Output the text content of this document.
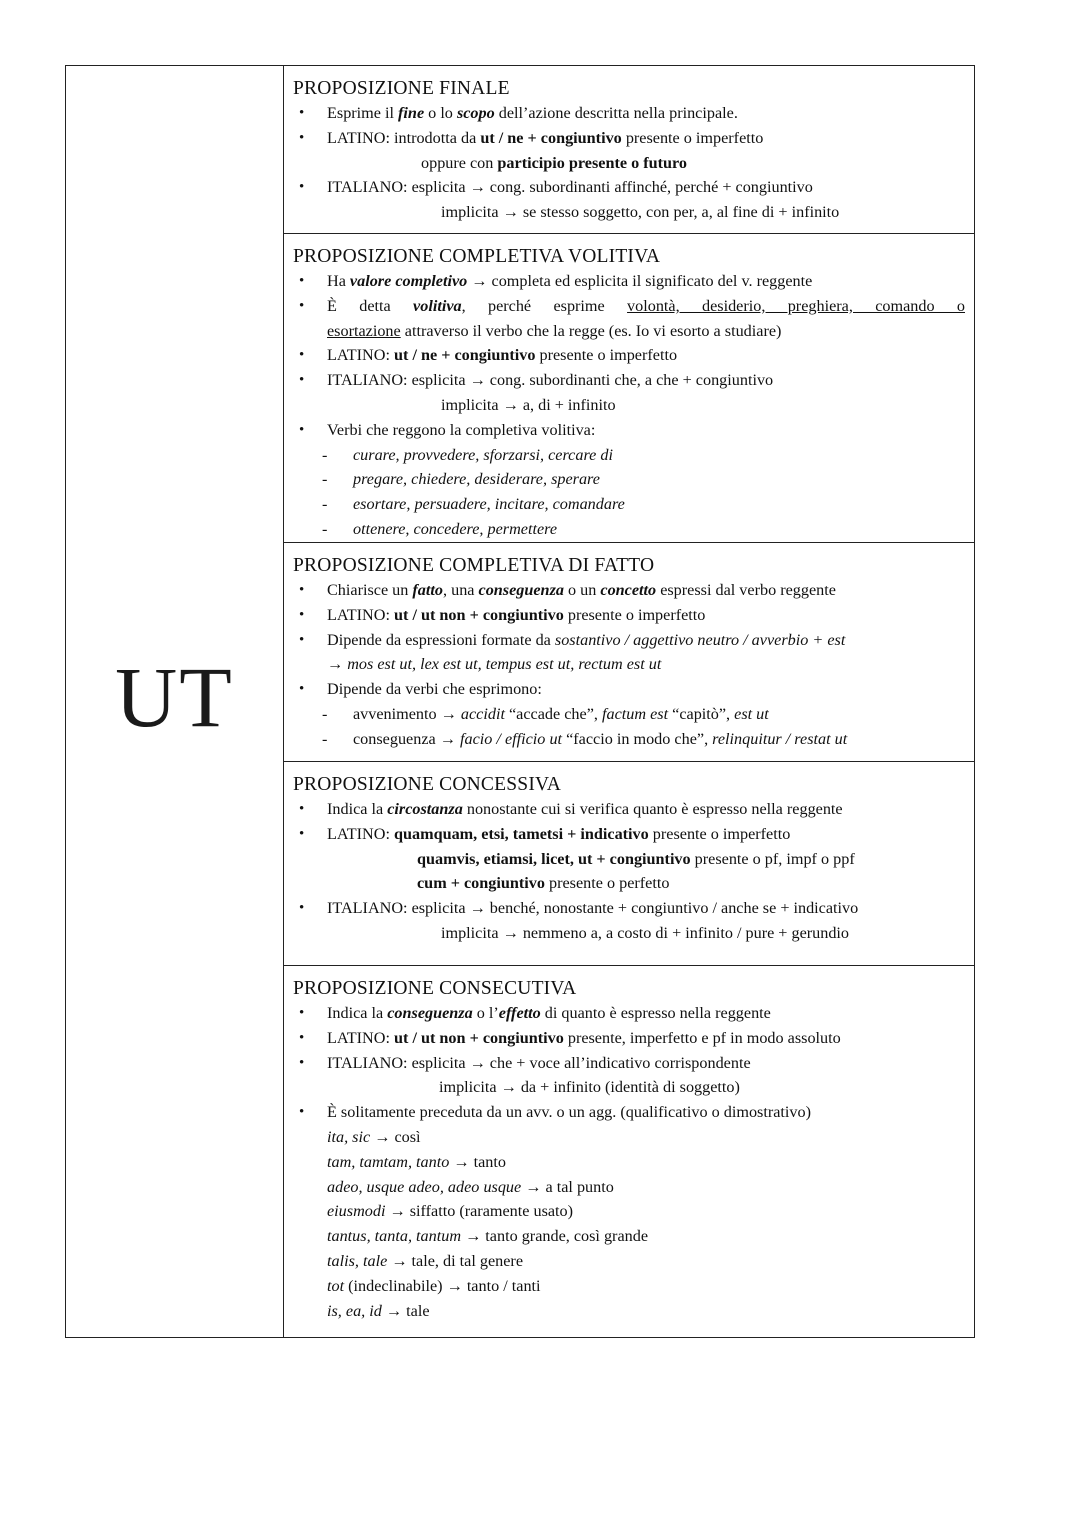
UT
PROPOSIZIONE FINALE
• Esprime il fine o lo scopo dell’azione descritta nella principale.
• LATINO: introdotta da ut / ne + congiuntivo presente o imperfetto
oppure con participio presente o futuro
• ITALIANO: esplicita → cong. subordinanti affinché, perché + congiuntivo
implicita → se stesso soggetto, con per, a, al fine di + infinito
PROPOSIZIONE COMPLETIVA VOLITIVA
• Ha valore completivo → completa ed esplicita il significato del v. reggente
• È detta volitiva, perché esprime volontà, desiderio, preghiera, comando o
esortazione attraverso il verbo che la regge (es. Io vi esorto a studiare)
• LATINO: ut / ne + congiuntivo presente o imperfetto
• ITALIANO: esplicita → cong. subordinanti che, a che + congiuntivo
implicita → a, di + infinito
• Verbi che reggono la completiva volitiva:
- curare, provvedere, sforzarsi, cercare di
- pregare, chiedere, desiderare, sperare
- esortare, persuadere, incitare, comandare
- ottenere, concedere, permettere
PROPOSIZIONE COMPLETIVA DI FATTO
• Chiarisce un fatto, una conseguenza o un concetto espressi dal verbo reggente
• LATINO: ut / ut non + congiuntivo presente o imperfetto
• Dipende da espressioni formate da sostantivo / aggettivo neutro / avverbio + est
→ mos est ut, lex est ut, tempus est ut, rectum est ut
• Dipende da verbi che esprimono:
- avvenimento → accidit “accade che”, factum est “capitò”, est ut
- conseguenza → facio / efficio ut “faccio in modo che”, relinquitur / restat ut
PROPOSIZIONE CONCESSIVA
• Indica la circostanza nonostante cui si verifica quanto è espresso nella reggente
• LATINO: quamquam, etsi, tametsi + indicativo presente o imperfetto
quamvis, etiamsi, licet, ut + congiuntivo presente o pf, impf o ppf
cum + congiuntivo presente o perfetto
• ITALIANO: esplicita → benché, nonostante + congiuntivo / anche se + indicativo
implicita → nemmeno a, a costo di + infinito / pure + gerundio
PROPOSIZIONE CONSECUTIVA
• Indica la conseguenza o l’effetto di quanto è espresso nella reggente
• LATINO: ut / ut non + congiuntivo presente, imperfetto e pf in modo assoluto
• ITALIANO: esplicita → che + voce all’indicativo corrispondente
implicita → da + infinito (identità di soggetto)
• È solitamente preceduta da un avv. o un agg. (qualificativo o dimostrativo)
ita, sic → così
tam, tamtam, tanto → tanto
adeo, usque adeo, adeo usque → a tal punto
eiusmodi → siffatto (raramente usato)
tantus, tanta, tantum → tanto grande, così grande
talis, tale → tale, di tal genere
tot (indeclinabile) → tanto / tanti
is, ea, id → tale
